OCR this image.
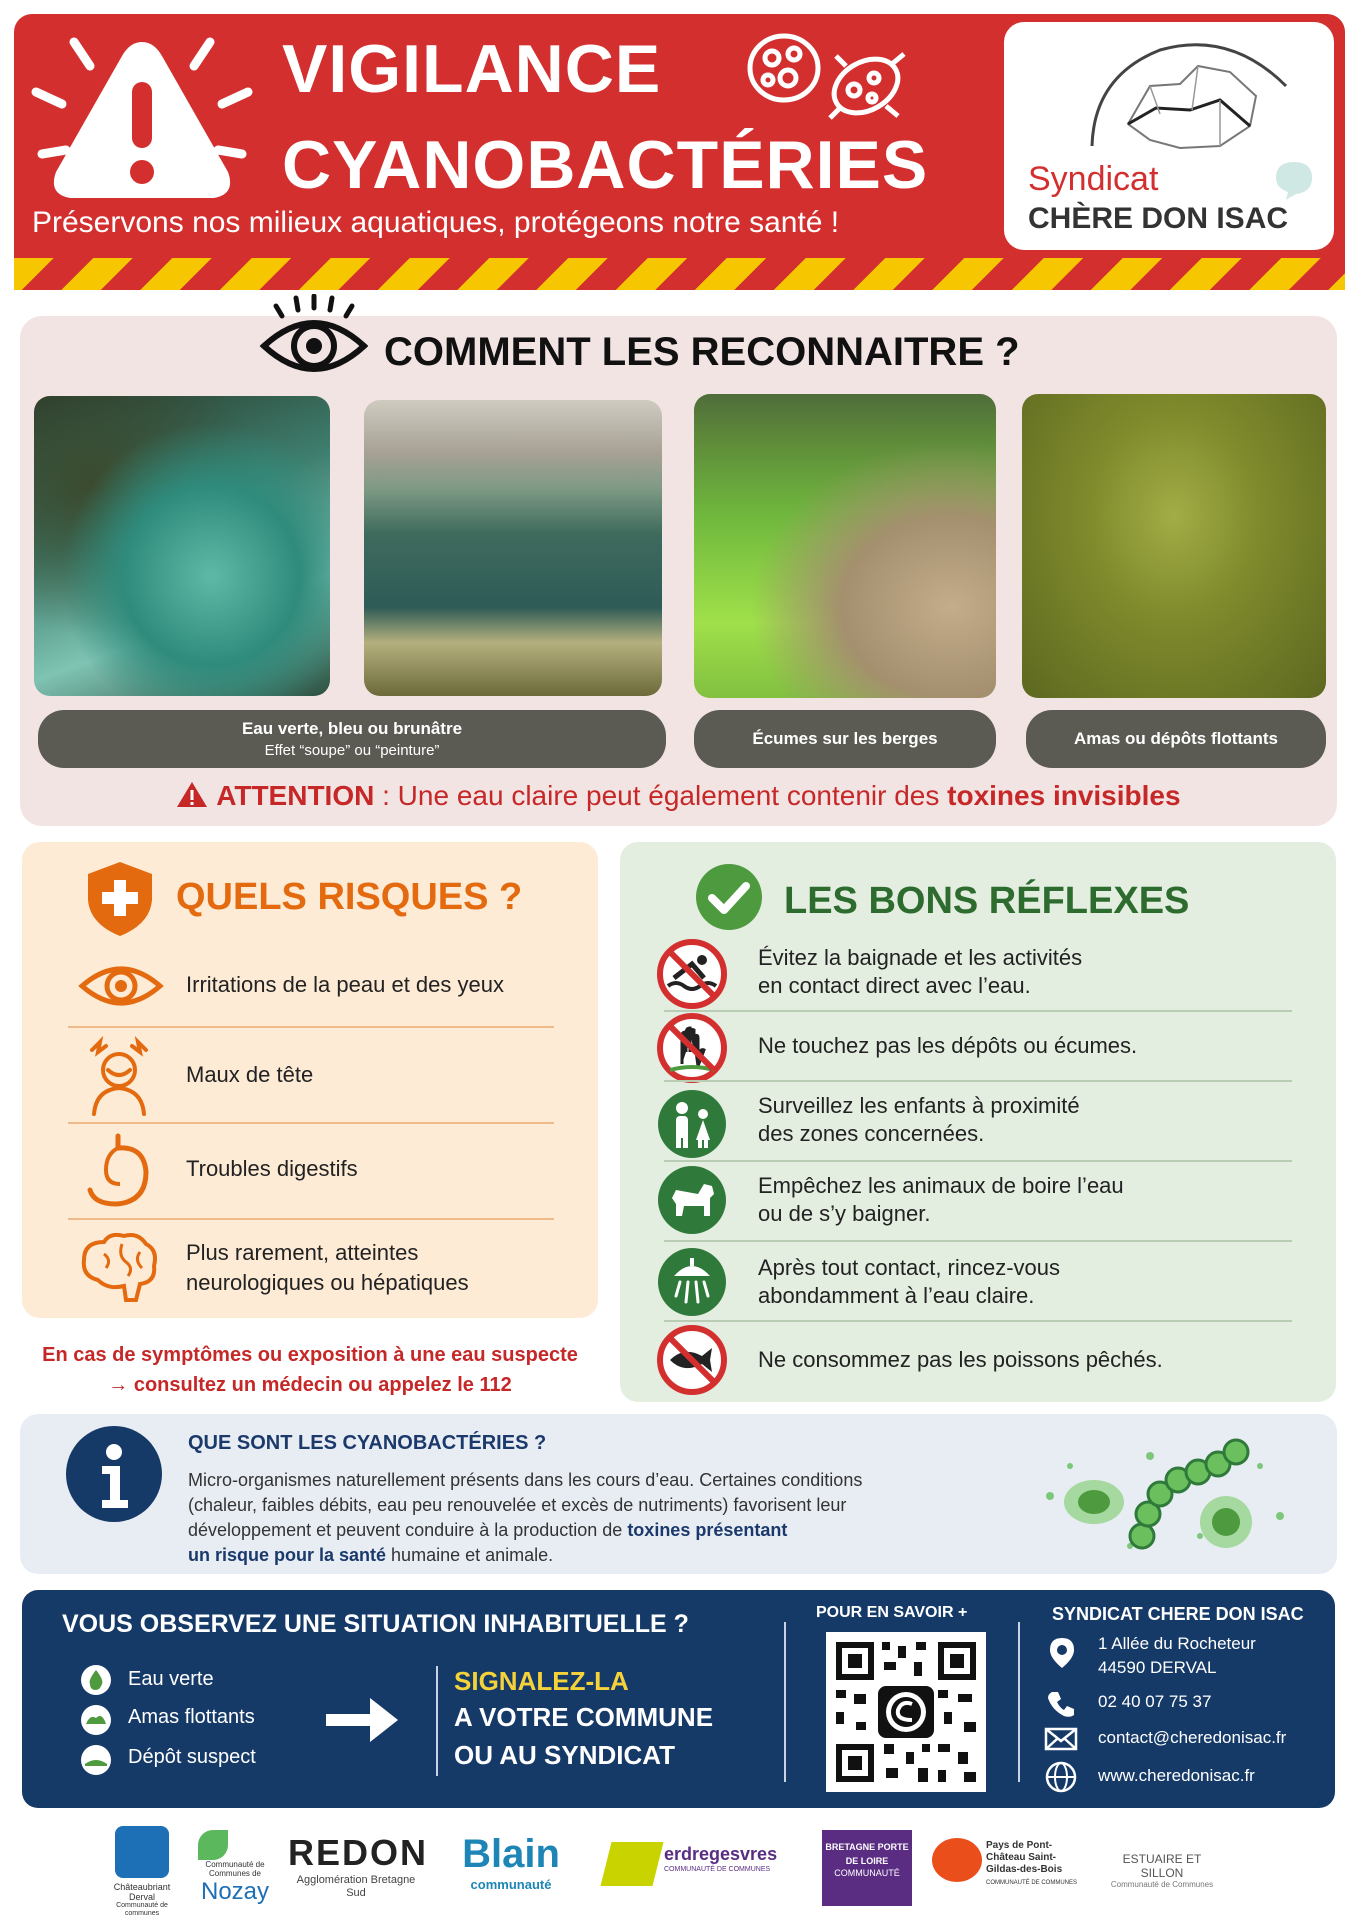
VIGILANCE
CYANOBACTÉRIES
Préservons nos milieux aquatiques, protégeons notre santé !
Syndicat
CHÈRE DON ISAC
COMMENT LES RECONNAITRE ?
Eau verte, bleu ou brunâtre
Effet “soupe” ou “peinture”
Écumes sur les berges	Amas ou dépôts flottants
ATTENTION : Une eau claire peut également contenir des toxines invisibles
QUELS RISQUES ?
Irritations de la peau et des yeux
Maux de tête
Troubles digestifs
Plus rarement, atteintes
neurologiques ou hépatiques
En cas de symptômes ou exposition à une eau suspecte
→ consultez un médecin ou appelez le 112
LES BONS RÉFLEXES
Évitez la baignade et les activités
en contact direct avec l’eau.
Ne touchez pas les dépôts ou écumes.
Surveillez les enfants à proximité
des zones concernées.
Empêchez les animaux de boire l’eau
ou de s’y baigner.
Après tout contact, rincez-vous
abondamment à l’eau claire.
Ne consommez pas les poissons pêchés.
QUE SONT LES CYANOBACTÉRIES ?
Micro-organismes naturellement présents dans les cours d’eau. Certaines conditions
(chaleur, faibles débits, eau peu renouvelée et excès de nutriments) favorisent leur
développement et peuvent conduire à la production de toxines présentant
un risque pour la santé humaine et animale.
VOUS OBSERVEZ UNE SITUATION INHABITUELLE ?
Eau verte
Amas flottants
Dépôt suspect
SIGNALEZ-LA
A VOTRE COMMUNE
OU AU SYNDICAT
POUR EN SAVOIR +	SYNDICAT CHERE DON ISAC
1 Allée du Rocheteur
44590 DERVAL
02 40 07 75 37
contact@cheredonisac.fr
www.cheredonisac.fr
Châteaubriant Derval
Communauté de communes
Communauté de Communes de
Nozay
REDON
Agglomération Bretagne Sud
Blain
communauté
erdregesvres
COMMUNAUTÉ DE COMMUNES
BRETAGNE PORTE DE LOIRE
COMMUNAUTÉ
Pays de Pont-Château Saint-Gildas-des-Bois
COMMUNAUTÉ DE COMMUNES
ESTUAIRE ET SILLON
Communauté de Communes
